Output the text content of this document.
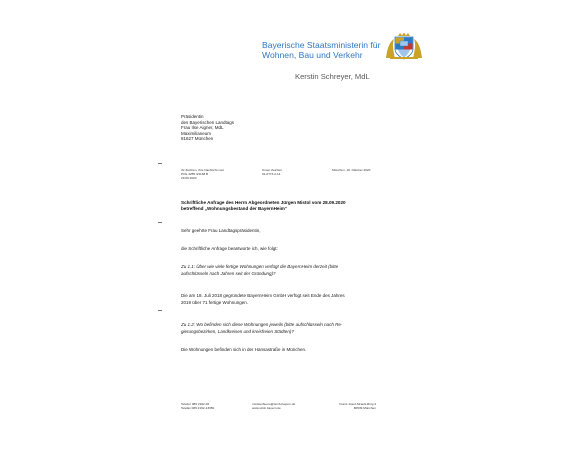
Bayerische Staatsministerin für
Wohnen, Bau und Verkehr
Kerstin Schreyer, MdL
Präsidentin
des Bayerischen Landtags
Frau Ilse Aigner, MdL
Maximilianeum
81627 München
Ihr Zeichen, Ihre Nachricht vom
PI/G-4255.3/1168 B
29.09.2020
Unser Zeichen
91-0773.2-14
München, 19. Oktober 2020
Schriftliche Anfrage des Herrn Abgeordneten Jürgen Mistol vom 28.09.2020
betreffend „Wohnungsbestand der BayernHeim“
Sehr geehrte Frau Landtagspräsidentin,
die Schriftliche Anfrage beantworte ich, wie folgt:
Zu 1.1: Über wie viele fertige Wohnungen verfügt die BayernHeim derzeit (bitte
aufschlüsseln nach Jahren seit der Gründung)?
Die am 18. Juli 2018 gegründete BayernHeim GmbH verfügt seit Ende des Jahres
2019 über 71 fertige Wohnungen.
Zu 1.2: Wo befinden sich diese Wohnungen jeweils (bitte aufschlüsseln nach Re-
gierungsbezirken, Landkreisen und kreisfreien Städten)?
Die Wohnungen befinden sich in der Hansastraße in München.
Telefon 089 2192-02
Telefax 089 2192-13350
ministerbuero@stmb.bayern.de
www.stmb.bayern.de
Franz-Josef-Strauß-Ring 4
80539 München
